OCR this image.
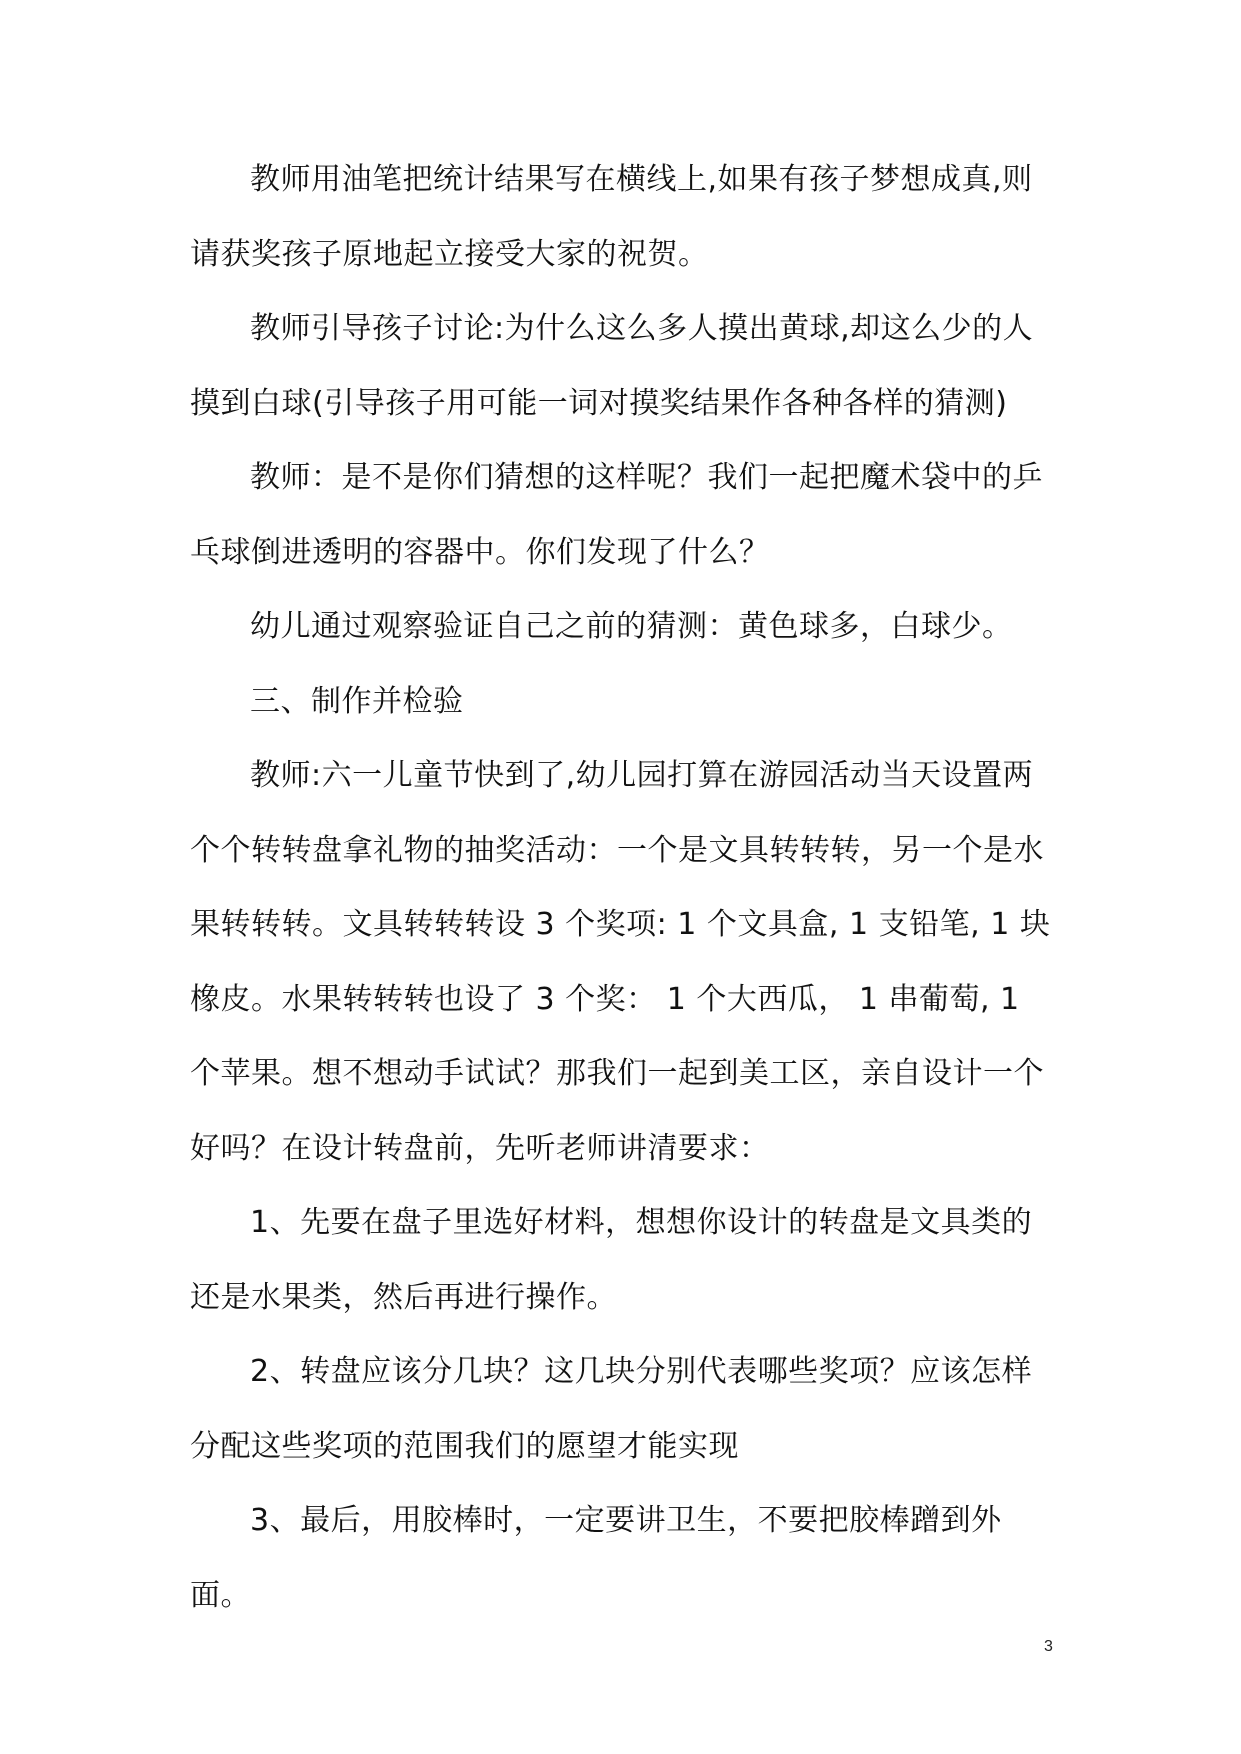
教师用油笔把统计结果写在横线上,如果有孩子梦想成真,则请获奖孩子原地起立接受大家的祝贺。

教师引导孩子讨论:为什么这么多人摸出黄球,却这么少的人摸到白球(引导孩子用可能一词对摸奖结果作各种各样的猜测)

教师：是不是你们猜想的这样呢？我们一起把魔术袋中的乒乓球倒进透明的容器中。你们发现了什么？

幼儿通过观察验证自己之前的猜测：黄色球多，白球少。

三、制作并检验

教师:六一儿童节快到了,幼儿园打算在游园活动当天设置两个个转转盘拿礼物的抽奖活动：一个是文具转转转，另一个是水果转转转。文具转转转设 3 个奖项: 1 个文具盒, 1 支铅笔, 1 块橡皮。水果转转转也设了 3 个奖： 1 个大西瓜， 1 串葡萄, 1 个苹果。想不想动手试试？那我们一起到美工区，亲自设计一个好吗？在设计转盘前，先听老师讲清要求：

1、先要在盘子里选好材料，想想你设计的转盘是文具类的还是水果类，然后再进行操作。

2、转盘应该分几块？这几块分别代表哪些奖项？应该怎样分配这些奖项的范围我们的愿望才能实现

3、最后，用胶棒时，一定要讲卫生，不要把胶棒蹭到外面。

3
